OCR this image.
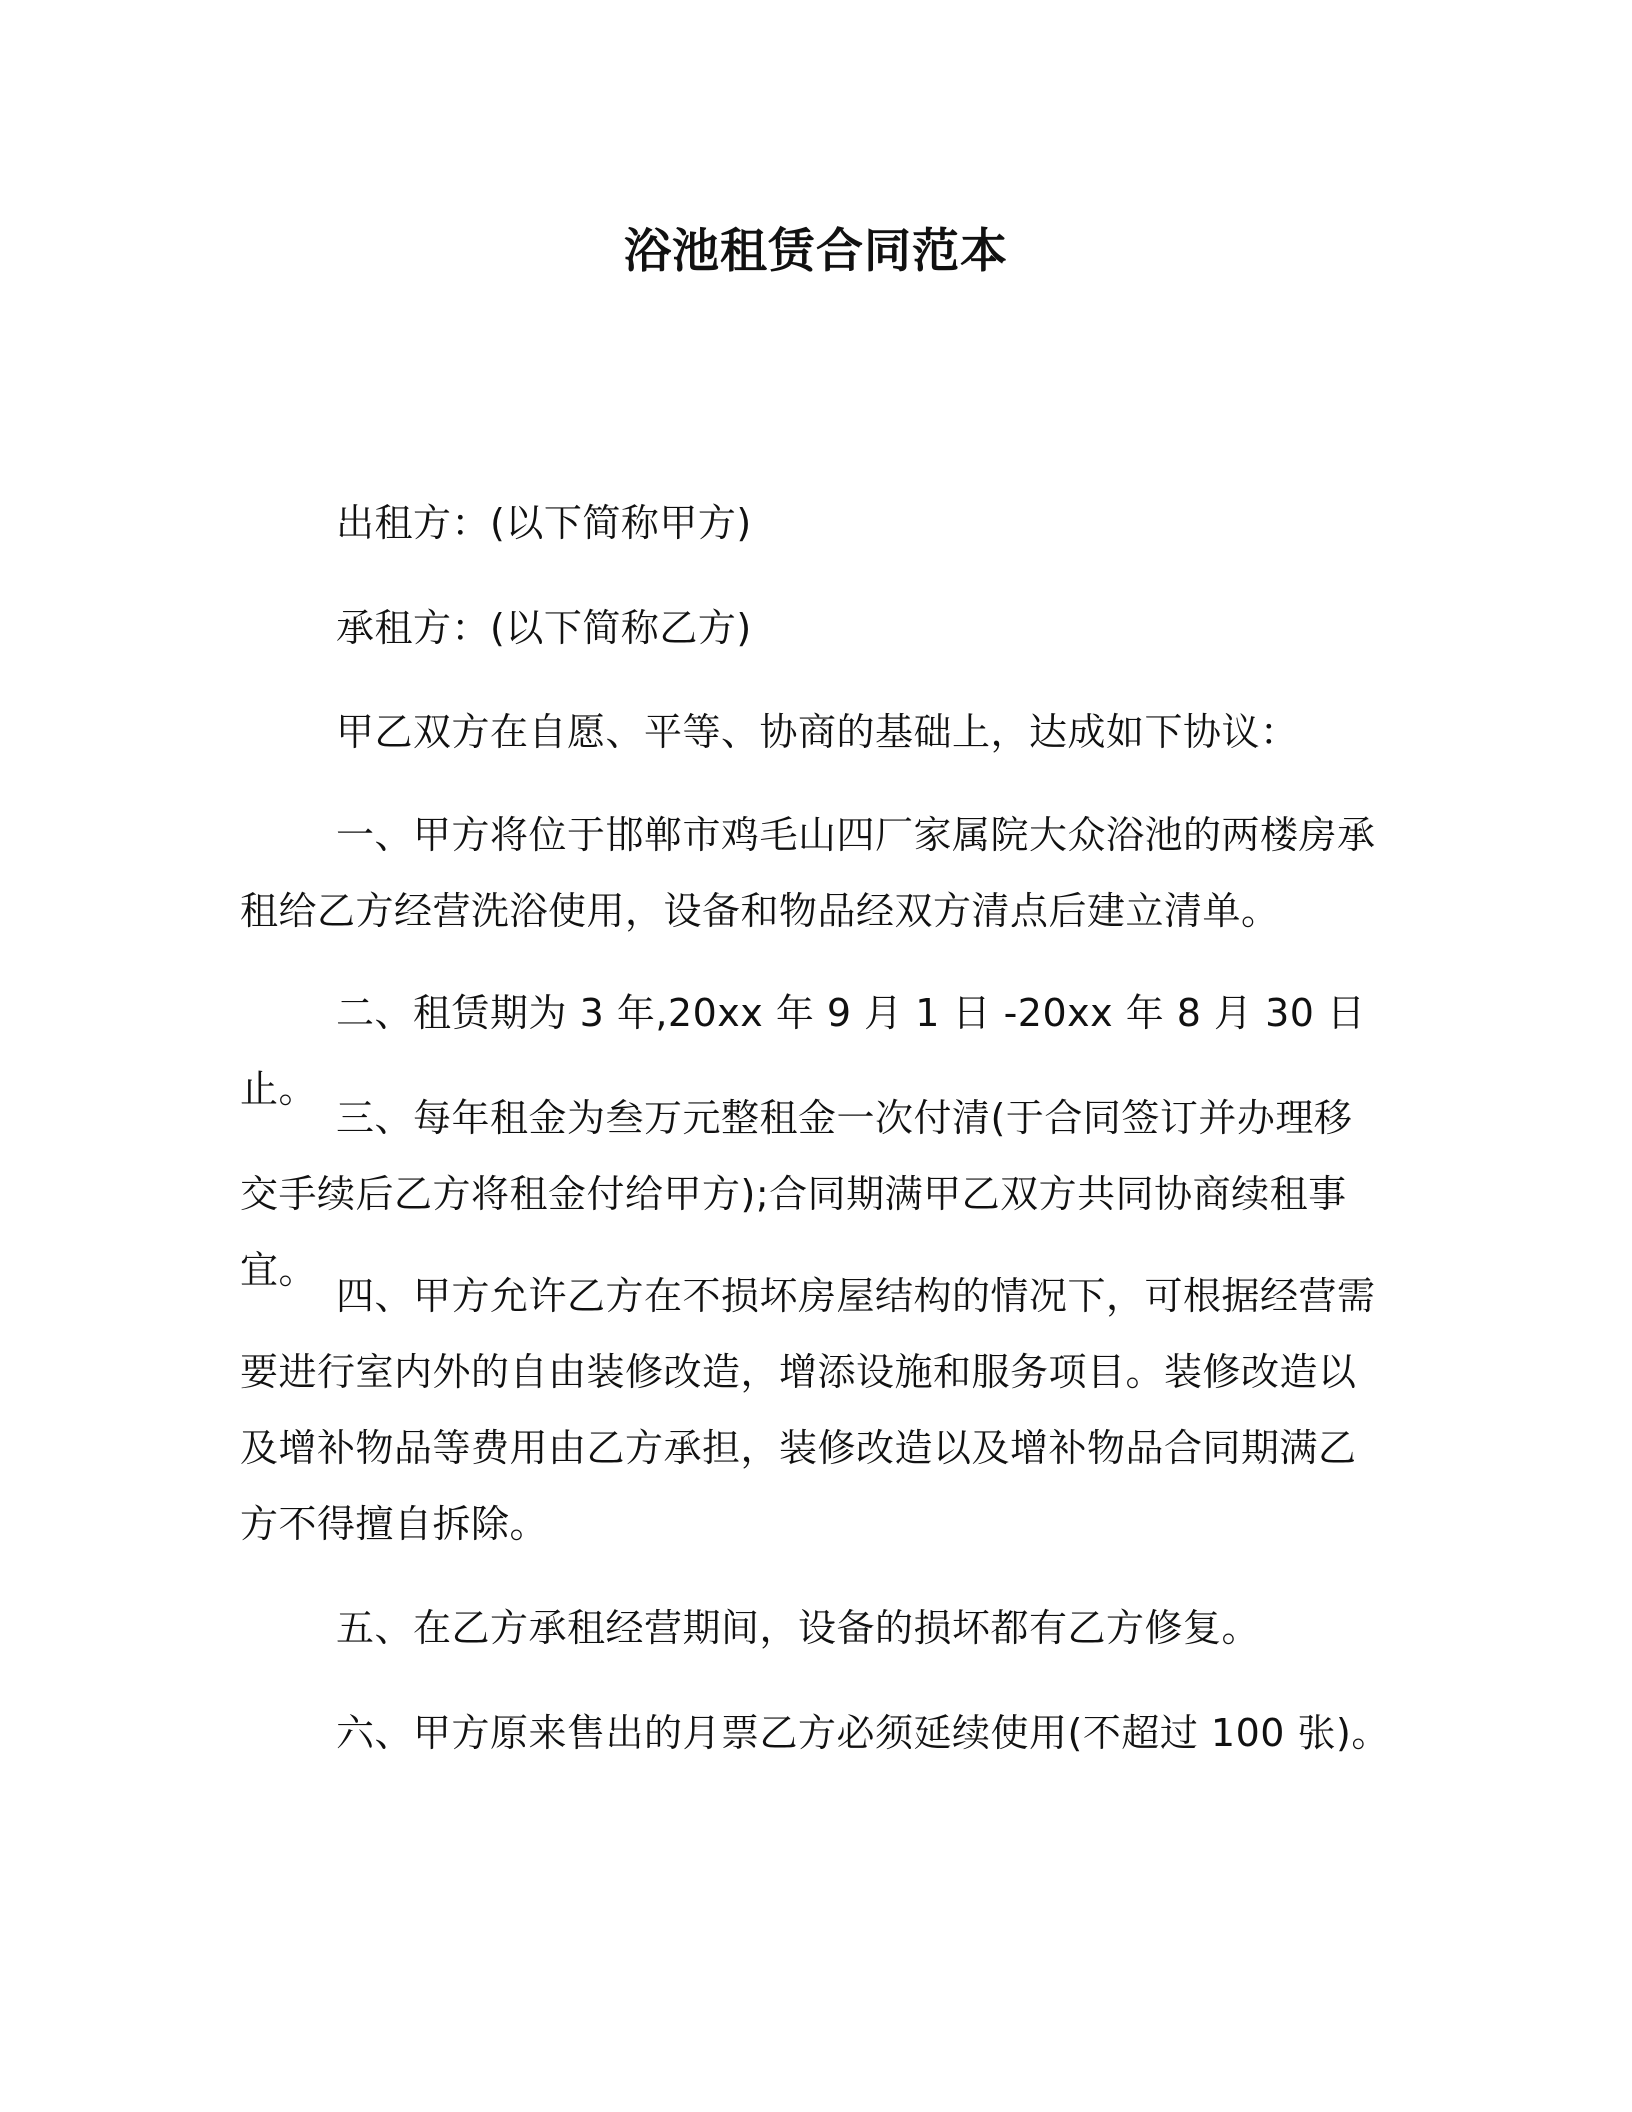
浴池租赁合同范本

出租方：(以下简称甲方)

承租方：(以下简称乙方)

甲乙双方在自愿、平等、协商的基础上，达成如下协议：

一、甲方将位于邯郸市鸡毛山四厂家属院大众浴池的两楼房承租给乙方经营洗浴使用，设备和物品经双方清点后建立清单。

二、租赁期为 3 年,20xx 年 9 月 1 日 -20xx 年 8 月 30 日止。

三、每年租金为叁万元整租金一次付清(于合同签订并办理移交手续后乙方将租金付给甲方);合同期满甲乙双方共同协商续租事宜。

四、甲方允许乙方在不损坏房屋结构的情况下，可根据经营需要进行室内外的自由装修改造，增添设施和服务项目。装修改造以及增补物品等费用由乙方承担，装修改造以及增补物品合同期满乙方不得擅自拆除。

五、在乙方承租经营期间，设备的损坏都有乙方修复。

六、甲方原来售出的月票乙方必须延续使用(不超过 100 张)。
